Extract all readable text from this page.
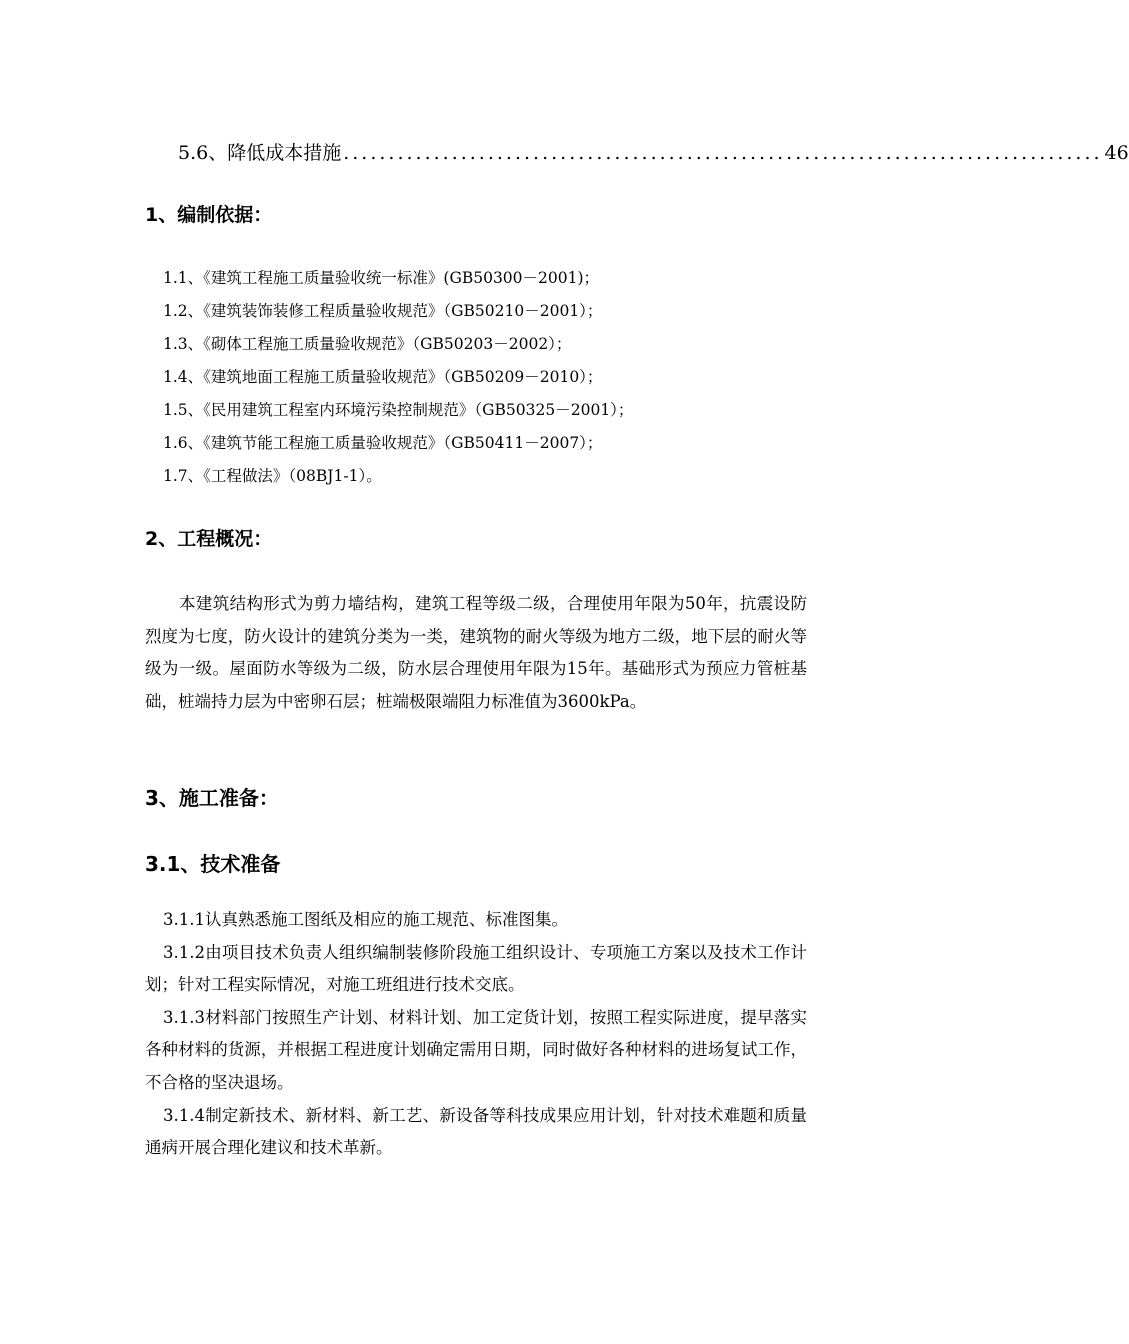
5.6、降低成本措施 .................................................................................... 46
1、编制依据：
1.1、《建筑工程施工质量验收统一标准》(GB50300－2001)；
1.2、《建筑装饰装修工程质量验收规范》（GB50210－2001）；
1.3、《砌体工程施工质量验收规范》（GB50203－2002）；
1.4、《建筑地面工程施工质量验收规范》（GB50209－2010）；
1.5、《民用建筑工程室内环境污染控制规范》（GB50325－2001）；
1.6、《建筑节能工程施工质量验收规范》（GB50411－2007）；
1.7、《工程做法》（08BJ1-1）。
2、工程概况：

本建筑结构形式为剪力墙结构，建筑工程等级二级，合理使用年限为50年，抗震设防烈度为七度，防火设计的建筑分类为一类，建筑物的耐火等级为地方二级，地下层的耐火等级为一级。屋面防水等级为二级，防水层合理使用年限为15年。基础形式为预应力管桩基础，桩端持力层为中密卵石层；桩端极限端阻力标准值为3600kPa。

3、施工准备：
3.1、技术准备

3.1.1认真熟悉施工图纸及相应的施工规范、标准图集。

3.1.2由项目技术负责人组织编制装修阶段施工组织设计、专项施工方案以及技术工作计划；针对工程实际情况，对施工班组进行技术交底。

3.1.3材料部门按照生产计划、材料计划、加工定货计划，按照工程实际进度，提早落实各种材料的货源，并根据工程进度计划确定需用日期，同时做好各种材料的进场复试工作，不合格的坚决退场。

3.1.4制定新技术、新材料、新工艺、新设备等科技成果应用计划，针对技术难题和质量通病开展合理化建议和技术革新。
